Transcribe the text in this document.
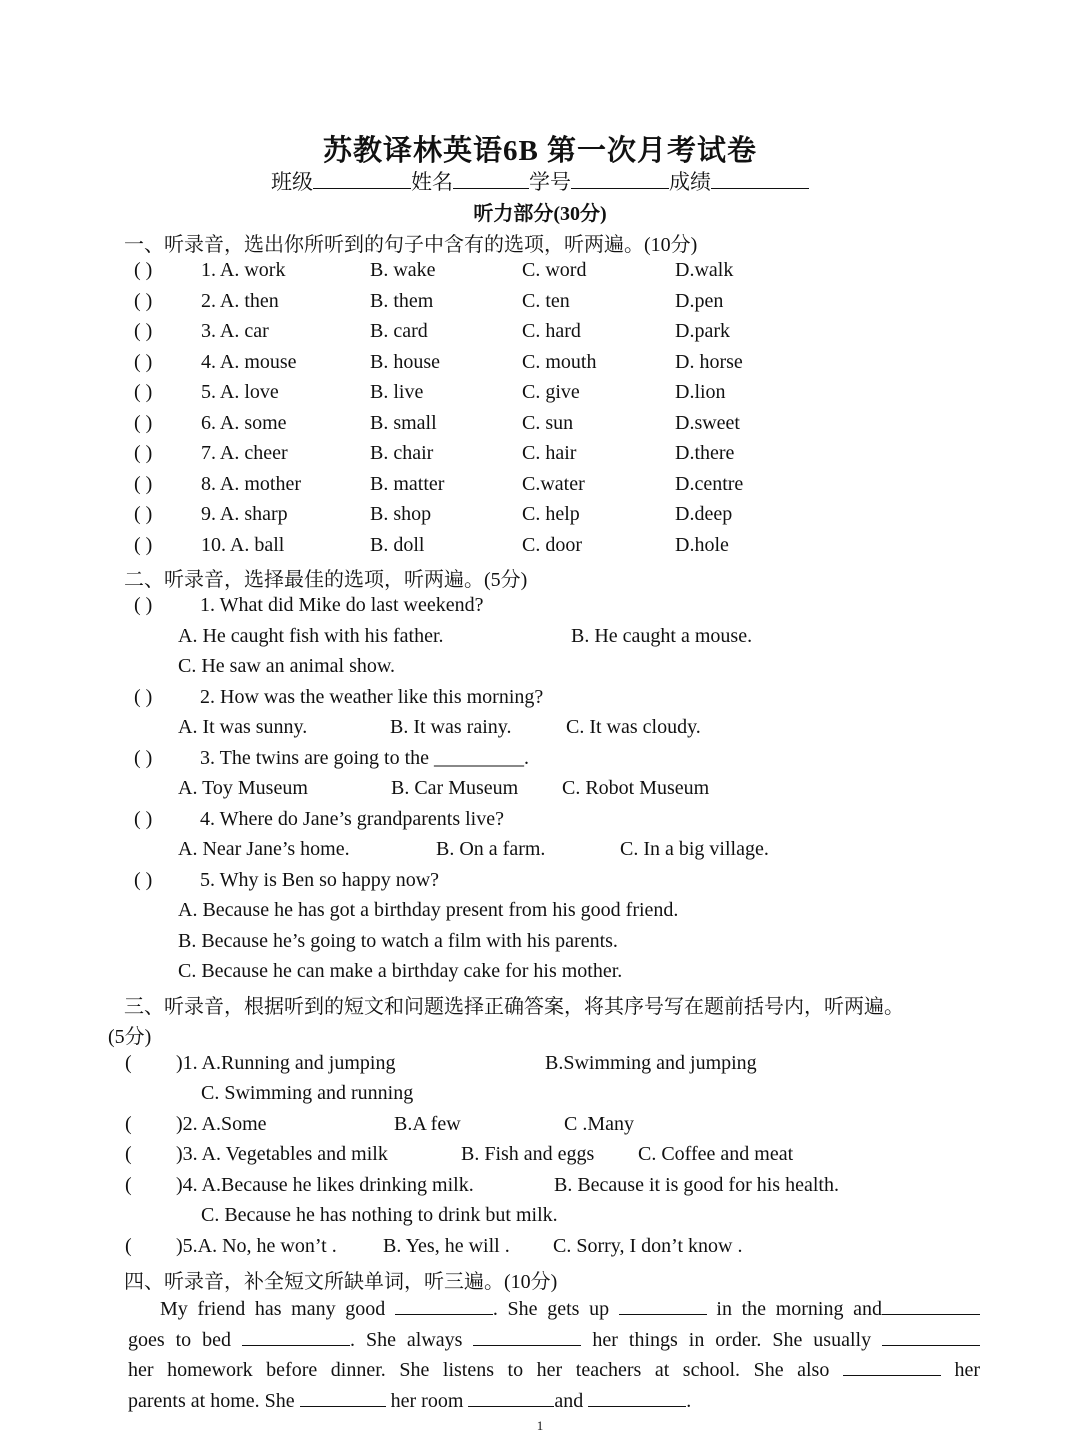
苏教译林英语6B 第一次月考试卷
班级	姓名	学号	成绩
听力部分(30分)
一、听录音，选出你所听到的句子中含有的选项，听两遍。(10分)
( ) 1. A. work	B. wake	C. word	D.walk
( ) 2. A. then	B. them	C. ten	D.pen
( ) 3. A. car	B. card	C. hard	D.park
( ) 4. A. mouse	B. house	C. mouth	D. horse
( ) 5. A. love	B. live	C. give	D.lion
( ) 6. A. some	B. small	C. sun	D.sweet
( ) 7. A. cheer	B. chair	C. hair	D.there
( ) 8. A. mother	B. matter	C.water	D.centre
( ) 9. A. sharp	B. shop	C. help	D.deep
( ) 10. A. ball	B. doll	C. door	D.hole
二、听录音，选择最佳的选项，听两遍。(5分)
( ) 1. What did Mike do last weekend?
A. He caught fish with his father.	B. He caught a mouse.
C. He saw an animal show.
( ) 2. How was the weather like this morning?
A. It was sunny.	B. It was rainy.	C. It was cloudy.
( ) 3. The twins are going to the _________.
A. Toy Museum	B. Car Museum C. Robot Museum
( ) 4. Where do Jane’s grandparents live?
A. Near Jane’s home.	B. On a farm.	C. In a big village.
( ) 5. Why is Ben so happy now?
A. Because he has got a birthday present from his good friend.
B. Because he’s going to watch a film with his parents.
C. Because he can make a birthday cake for his mother.
三、听录音，根据听到的短文和问题选择正确答案，将其序号写在题前括号内，听两遍。
(5分)
( )1. A.Running and jumping	B.Swimming and jumping
C. Swimming and running
( )2. A.Some	B.A few	C .Many
( )3. A. Vegetables and milk	B. Fish and eggs C. Coffee and meat
( )4. A.Because he likes drinking milk.	B. Because it is good for his health.
C. Because he has nothing to drink but milk.
( )5.A. No, he won’t . B. Yes, he will . C. Sorry, I don’t know .
四、听录音，补全短文所缺单词，听三遍。(10分)
My friend has many good	. She gets up	in the morning and
goes to bed	. She always	her things in order. She usually
her homework before dinner. She listens to her teachers at school. She also	her
parents at home. She	her room	and	.
1
